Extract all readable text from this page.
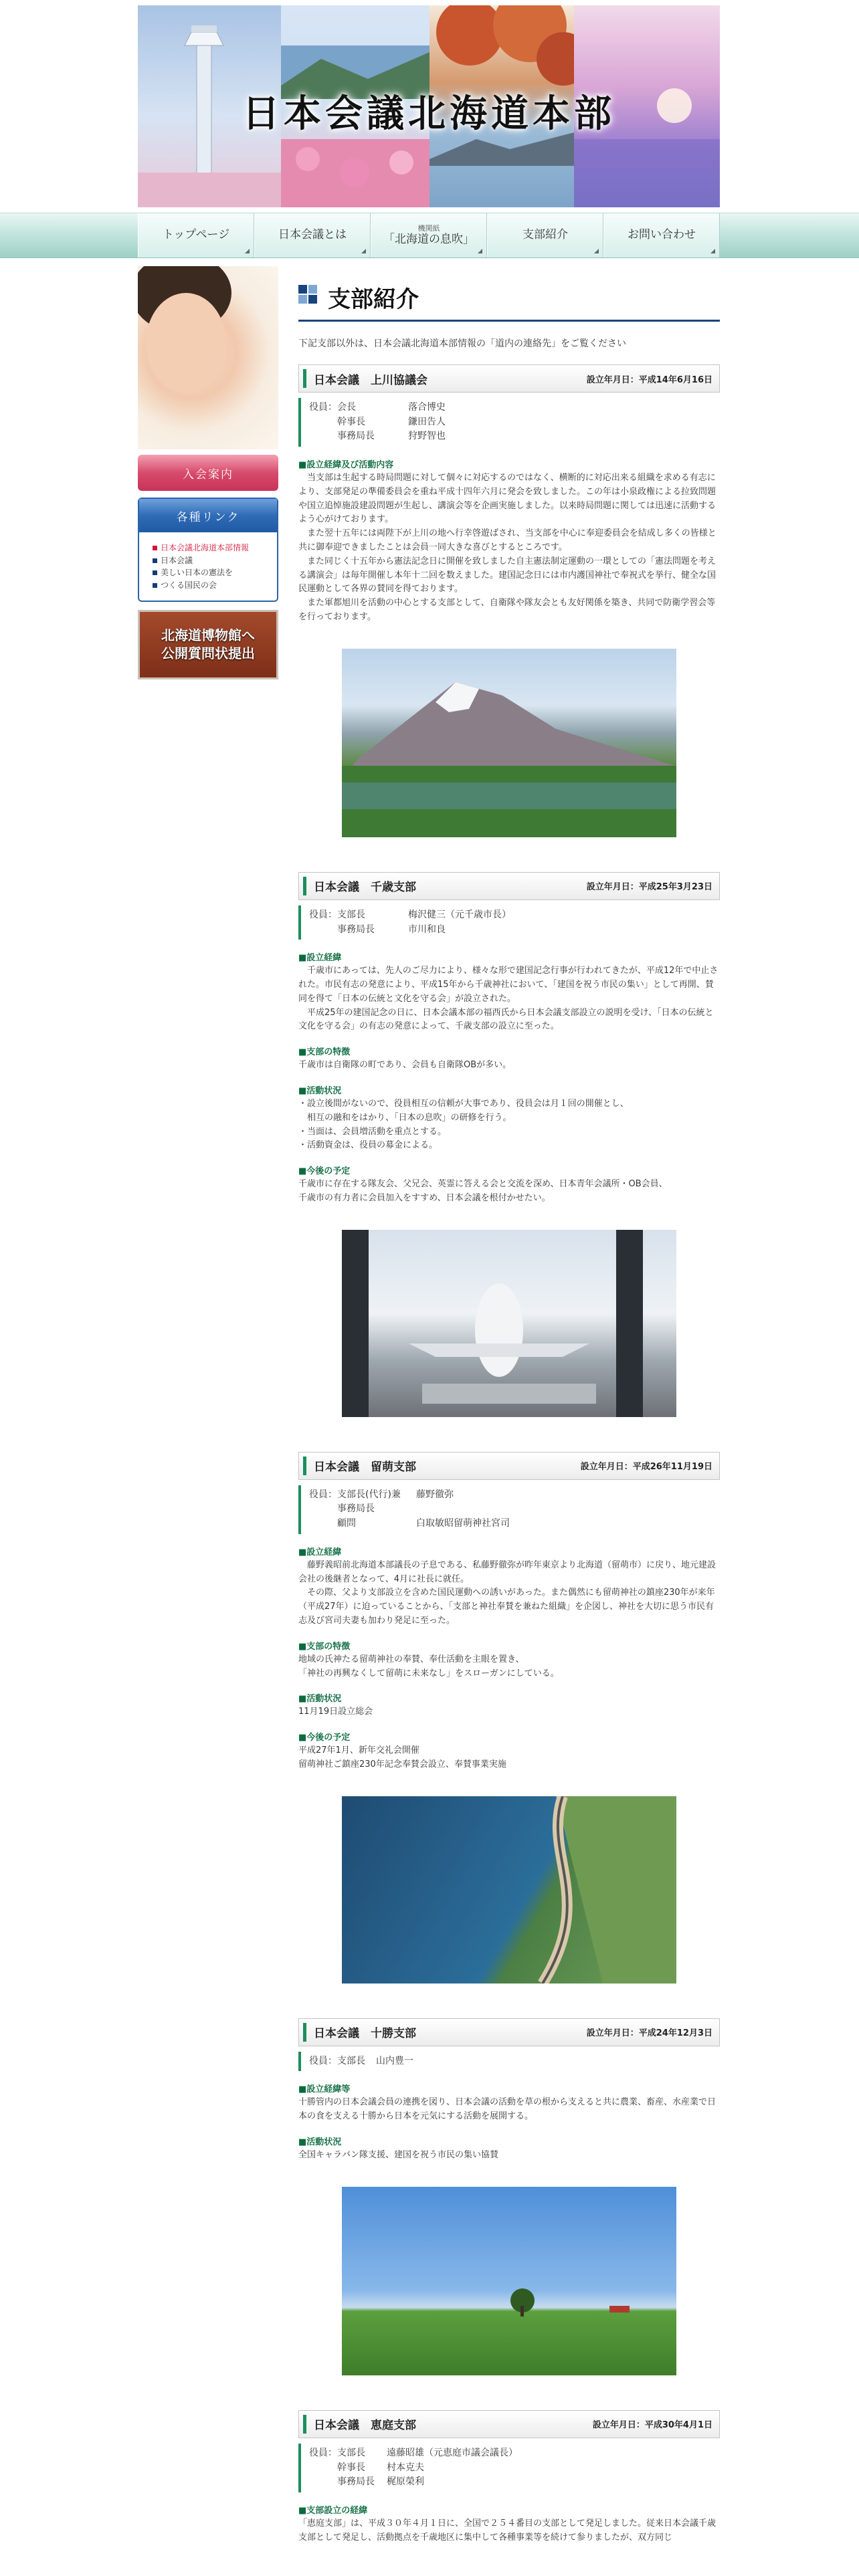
日本会議北海道本部
トップページ	日本会議とは
機関紙
「北海道の息吹」	支部紹介	お問い合わせ
入会案内
各種リンク
日本会議北海道本部情報
日本会議
美しい日本の憲法を
つくる国民の会
北海道博物館へ
公開質問状提出
支部紹介
下記支部以外は、日本会議北海道本部情報の「道内の連絡先」をご覧ください
日本会議　上川協議会	設立年月日：平成14年6月16日
役員：会長	落合博史
　　　幹事長	鎌田告人
　　　事務局長	狩野智也
■ 設立経緯及び活動内容
　当支部は生起する時局問題に対して個々に対応するのではなく、横断的に対応出来る組織を求める有志により、支部発足の準備委員会を重ね平成十四年六月に発会を致しました。この年は小泉政権による拉致問題や国立追悼施設建設問題が生起し、講演会等を企画実施しました。以来時局問題に関しては迅速に活動するよう心がけております。
　また翌十五年には両陛下が上川の地へ行幸啓遊ばされ、当支部を中心に奉迎委員会を結成し多くの皆様と共に御奉迎できましたことは会員一同大きな喜びとするところです。
　また同じく十五年から憲法記念日に開催を致しました自主憲法制定運動の一環としての「憲法問題を考える講演会」は毎年開催し本年十二回を数えました。建国記念日には市内護国神社で奉祝式を挙行、健全な国民運動として各界の賛同を得ております。
　また軍都旭川を活動の中心とする支部として、自衛隊や隊友会とも友好関係を築き、共同で防衛学習会等を行っております。
日本会議　千歳支部	設立年月日：平成25年3月23日
役員：支部長	梅沢健三（元千歳市長）
　　　事務局長	市川和良
■ 設立経緯
　千歳市にあっては、先人のご尽力により、様々な形で建国記念行事が行われてきたが、平成12年で中止された。市民有志の発意により、平成15年から千歳神社において、「建国を祝う市民の集い」として再開、賛同を得て「日本の伝統と文化を守る会」が設立された。
　平成25年の建国記念の日に、日本会議本部の福西氏から日本会議支部設立の説明を受け、「日本の伝統と文化を守る会」の有志の発意によって、千歳支部の設立に至った。
■ 支部の特徴
千歳市は自衛隊の町であり、会員も自衛隊OBが多い。
■ 活動状況
・設立後間がないので、役員相互の信頼が大事であり、役員会は月１回の開催とし、
　相互の融和をはかり、「日本の息吹」の研修を行う。
・当面は、会員増活動を重点とする。
・活動資金は、役員の募金による。
■ 今後の予定
千歳市に存在する隊友会、父兄会、英霊に答える会と交流を深め、日本青年会議所・OB会員、
千歳市の有力者に会員加入をすすめ、日本会議を根付かせたい。
日本会議　留萌支部	設立年月日：平成26年11月19日
役員：支部長(代行)兼	藤野徹弥
　　　事務局長
　　　顧問	白取敏昭留萌神社宮司
■ 設立経緯
　藤野義昭前北海道本部議長の子息である、私藤野徹弥が昨年東京より北海道（留萌市）に戻り、地元建設会社の後継者となって、4月に社長に就任。
　その際、父より支部設立を含めた国民運動への誘いがあった。また偶然にも留萌神社の鎮座230年が来年（平成27年）に迫っていることから、「支部と神社奉賛を兼ねた組織」を企図し、神社を大切に思う市民有志及び宮司夫妻も加わり発足に至った。
■ 支部の特徴
地域の氏神たる留萌神社の奉賛、奉仕活動を主眼を置き、
「神社の再興なくして留萌に未来なし」をスローガンにしている。
■ 活動状況
11月19日設立総会
■ 今後の予定
平成27年1月、新年交礼会開催
留萌神社ご鎮座230年記念奉賛会設立、奉賛事業実施
日本会議　十勝支部	設立年月日：平成24年12月3日
役員：支部長	山内豊一
■ 設立経緯等
十勝管内の日本会議会員の連携を図り、日本会議の活動を草の根から支えると共に農業、畜産、水産業で日本の食を支える十勝から日本を元気にする活動を展開する。
■ 活動状況
全国キャラバン隊支援、建国を祝う市民の集い協賛
日本会議　恵庭支部	設立年月日：平成30年4月1日
役員：支部長	遠藤昭雄（元恵庭市議会議長）
　　　幹事長	村本克夫
　　　事務局長	梶原榮利
■ 支部設立の経緯
「恵庭支部」は、平成３０年４月１日に、全国で２５４番目の支部として発足しました。従来日本会議千歳支部として発足し、活動拠点を千歳地区に集中して各種事業等を続けて参りましたが、双方同じ
